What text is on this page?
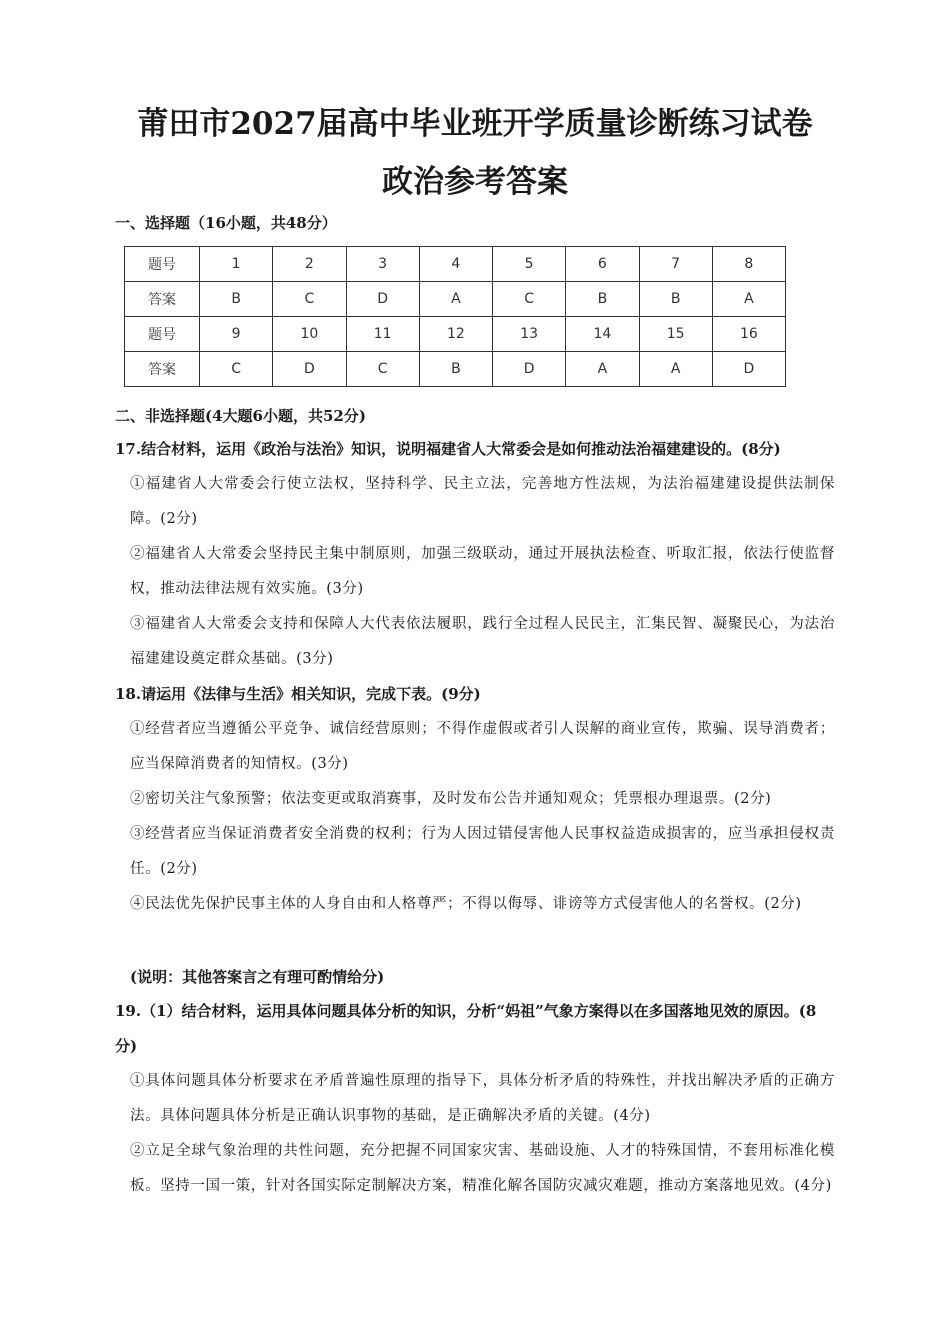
莆田市2027届高中毕业班开学质量诊断练习试卷
政治参考答案

一、选择题（16小题，共48分）

题号	1	2	3	4	5	6	7	8
答案	B	C	D	A	C	B	B	A
题号	9	10	11	12	13	14	15	16
答案	C	D	C	B	D	A	A	D

二、非选择题(4大题6小题，共52分)

17.结合材料，运用《政治与法治》知识，说明福建省人大常委会是如何推动法治福建建设的。(8分)

①福建省人大常委会行使立法权，坚持科学、民主立法，完善地方性法规，为法治福建建设提供法制保障。(2分)

②福建省人大常委会坚持民主集中制原则，加强三级联动，通过开展执法检查、听取汇报，依法行使监督权，推动法律法规有效实施。(3分)

③福建省人大常委会支持和保障人大代表依法履职，践行全过程人民民主，汇集民智、凝聚民心，为法治福建建设奠定群众基础。(3分)

18.请运用《法律与生活》相关知识，完成下表。(9分)

①经营者应当遵循公平竞争、诚信经营原则；不得作虚假或者引人误解的商业宣传，欺骗、误导消费者；应当保障消费者的知情权。(3分)

②密切关注气象预警；依法变更或取消赛事，及时发布公告并通知观众；凭票根办理退票。(2分)

③经营者应当保证消费者安全消费的权利；行为人因过错侵害他人民事权益造成损害的，应当承担侵权责任。(2分)

④民法优先保护民事主体的人身自由和人格尊严；不得以侮辱、诽谤等方式侵害他人的名誉权。(2分)

(说明：其他答案言之有理可酌情给分)

19.（1）结合材料，运用具体问题具体分析的知识，分析“妈祖”气象方案得以在多国落地见效的原因。(8分)

①具体问题具体分析要求在矛盾普遍性原理的指导下，具体分析矛盾的特殊性，并找出解决矛盾的正确方法。具体问题具体分析是正确认识事物的基础，是正确解决矛盾的关键。(4分)

②立足全球气象治理的共性问题，充分把握不同国家灾害、基础设施、人才的特殊国情，不套用标准化模板。坚持一国一策，针对各国实际定制解决方案，精准化解各国防灾减灾难题，推动方案落地见效。(4分)
